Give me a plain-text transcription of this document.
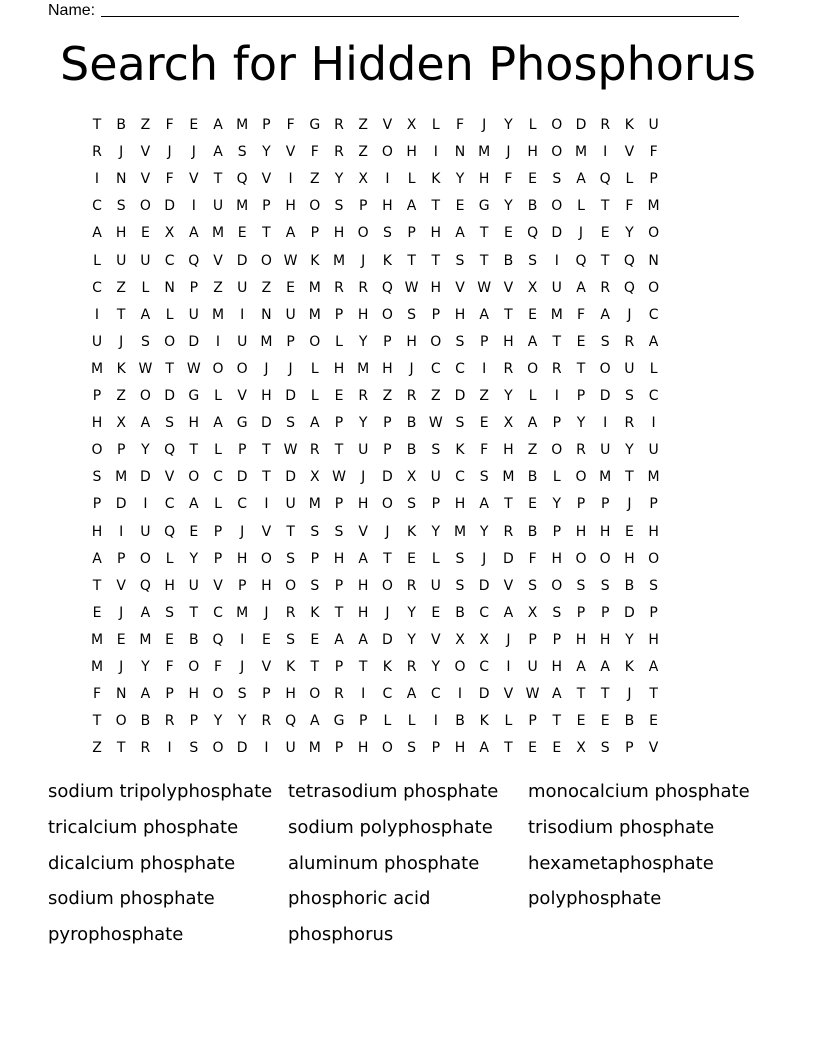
Name:
Search for Hidden Phosphorus
T	B	Z	F	E	A M P	F	G R	Z	V	X	L	F	J	Y	L	O D R	K	U
R	J	V	J	J	A	S	Y	V	F	R	Z O H	I	N M	J	H O M	I	V	F
I	N	V	F	V	T	Q V	I	Z	Y	X	I	L	K	Y	H	F	E	S	A Q	L	P
C	S	O D	I	U M P	H O	S	P	H	A	T	E	G	Y	B O	L	T	F	M
A	H	E	X	A M E	T	A	P	H O	S	P	H	A	T	E	Q D	J	E	Y	O
L	U U	C Q V	D O W K M	J	K	T	T	S	T	B	S	I	Q	T	Q N
C	Z	L	N	P	Z	U	Z	E M R	R Q W H	V W V	X	U	A	R Q O
I	T	A	L	U M	I	N U M P	H O	S	P	H	A	T	E M	F	A	J	C
U	J	S	O D	I	U M P	O	L	Y	P	H O	S	P	H	A	T	E	S	R	A
M K W T W O O	J	J	L	H M H	J	C	C	I	R O R	T	O U	L
P	Z O D G	L	V	H D	L	E	R	Z	R	Z	D	Z	Y	L	I	P	D	S	C
H	X	A	S	H	A G D	S	A	P	Y	P	B W S	E	X	A	P	Y	I	R	I
O	P	Y	Q	T	L	P	T W R	T	U	P	B	S	K	F	H	Z O R	U	Y	U
S M D	V O C D	T	D	X W	J	D	X	U	C	S M B	L	O M T M
P	D	I	C	A	L	C	I	U M P	H O	S	P	H	A	T	E	Y	P	P	J	P
H	I	U Q	E	P	J	V	T	S	S	V	J	K	Y M Y	R	B	P	H H	E	H
A	P	O	L	Y	P	H O	S	P	H	A	T	E	L	S	J	D	F	H O O H O
T	V Q H U	V	P	H O	S	P	H O R	U	S	D	V	S	O	S	S	B	S
E	J	A	S	T	C M	J	R	K	T	H	J	Y	E	B	C	A	X	S	P	P	D	P
M E M E	B Q	I	E	S	E	A	A	D	Y	V	X	X	J	P	P	H H	Y	H
M	J	Y	F	O	F	J	V	K	T	P	T	K	R	Y	O C	I	U H	A	A	K	A
F	N	A	P	H O	S	P	H O R	I	C	A	C	I	D	V W A	T	T	J	T
T	O B	R	P	Y	Y	R Q A G	P	L	L	I	B	K	L	P	T	E	E	B	E
Z	T	R	I	S	O D	I	U M P	H O	S	P	H	A	T	E	E	X	S	P	V
sodium tripolyphosphate tetrasodium phosphate monocalcium phosphate
tricalcium phosphate	sodium polyphosphate trisodium phosphate
dicalcium phosphate	aluminum phosphate	hexametaphosphate
sodium phosphate	phosphoric acid	polyphosphate
pyrophosphate	phosphorus
